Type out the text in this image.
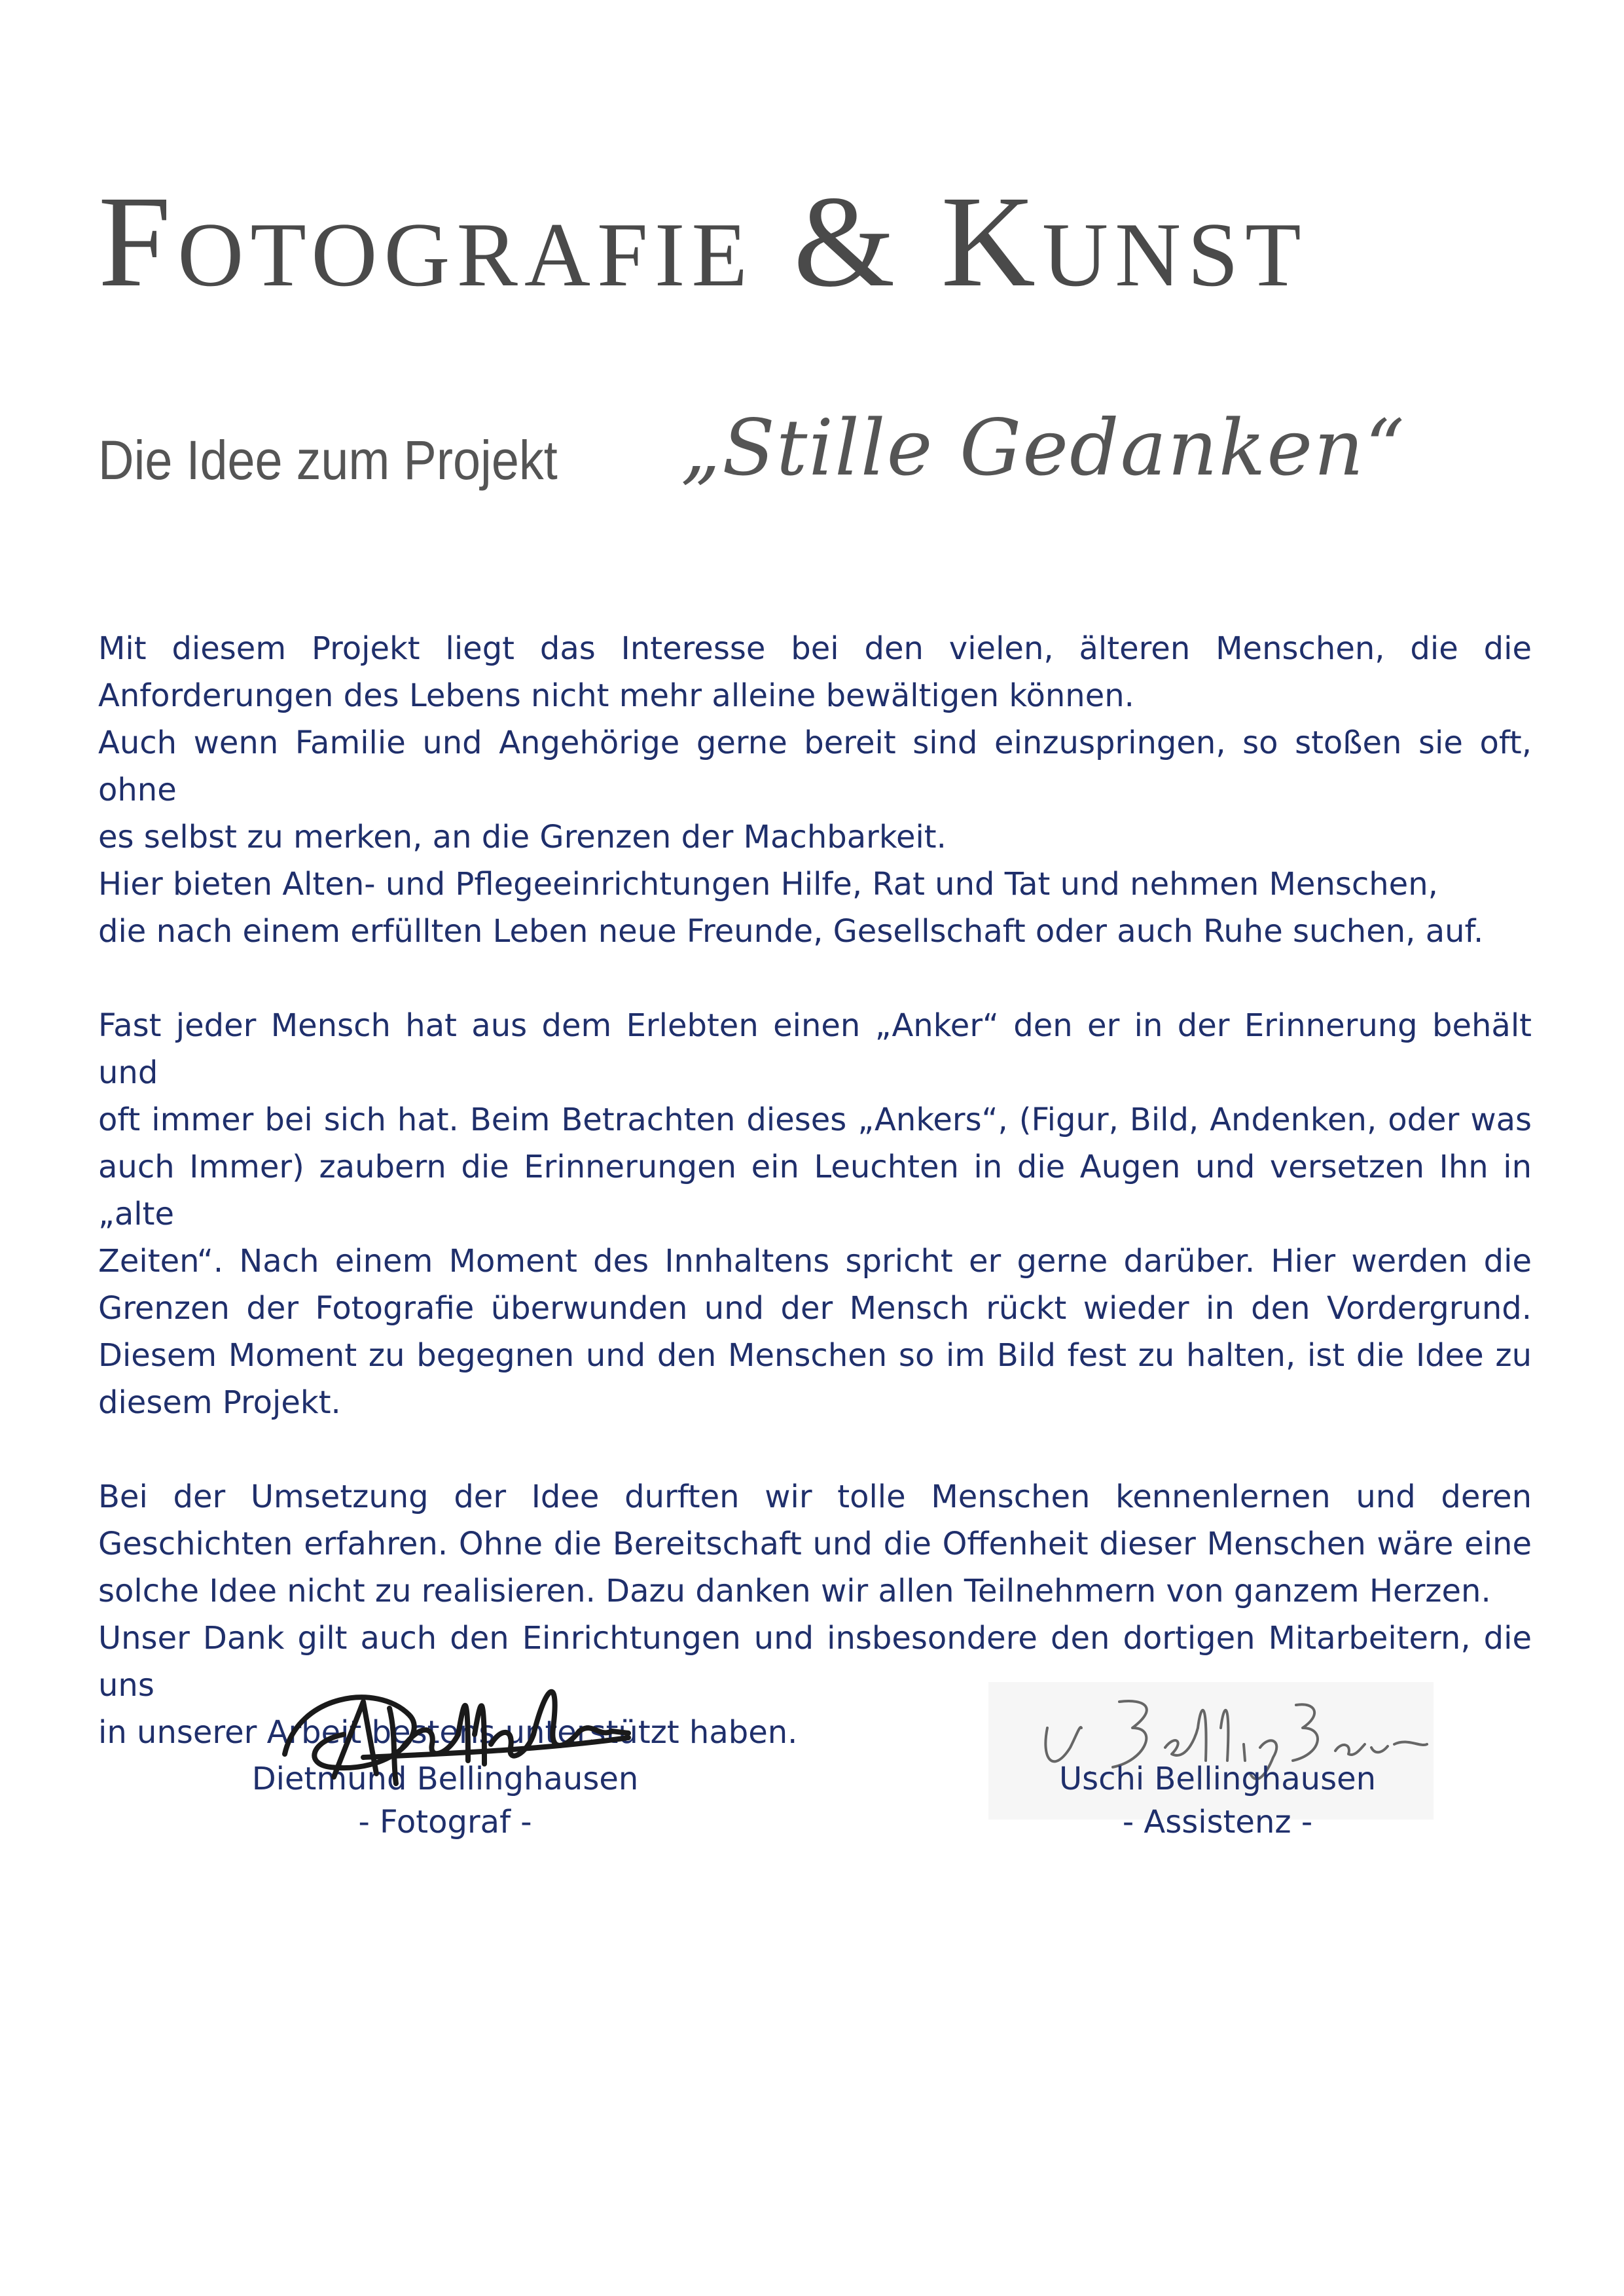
Fotografie & Kunst
Die Idee zum Projekt „Stille Gedanken“

Mit diesem Projekt liegt das Interesse bei den vielen, älteren Menschen, die die
Anforderungen des Lebens nicht mehr alleine bewältigen können.
Auch wenn Familie und Angehörige gerne bereit sind einzuspringen, so stoßen sie oft, ohne
es selbst zu merken, an die Grenzen der Machbarkeit.
Hier bieten Alten- und Pflegeeinrichtungen Hilfe, Rat und Tat und nehmen Menschen,
die nach einem erfüllten Leben neue Freunde, Gesellschaft oder auch Ruhe suchen, auf.

Fast jeder Mensch hat aus dem Erlebten einen „Anker“ den er in der Erinnerung behält und
oft immer bei sich hat. Beim Betrachten dieses „Ankers“, (Figur, Bild, Andenken, oder was
auch Immer) zaubern die Erinnerungen ein Leuchten in die Augen und versetzen Ihn in „alte
Zeiten“. Nach einem Moment des Innhaltens spricht er gerne darüber. Hier werden die
Grenzen der Fotografie überwunden und der Mensch rückt wieder in den Vordergrund.
Diesem Moment zu begegnen und den Menschen so im Bild fest zu halten, ist die Idee zu
diesem Projekt.

Bei der Umsetzung der Idee durften wir tolle Menschen kennenlernen und deren
Geschichten erfahren. Ohne die Bereitschaft und die Offenheit dieser Menschen wäre eine
solche Idee nicht zu realisieren. Dazu danken wir allen Teilnehmern von ganzem Herzen.
Unser Dank gilt auch den Einrichtungen und insbesondere den dortigen Mitarbeitern, die uns
in unserer Arbeit bestens unterstützt haben.

Dietmund Bellinghausen
- Fotograf -
Uschi Bellinghausen
- Assistenz -
